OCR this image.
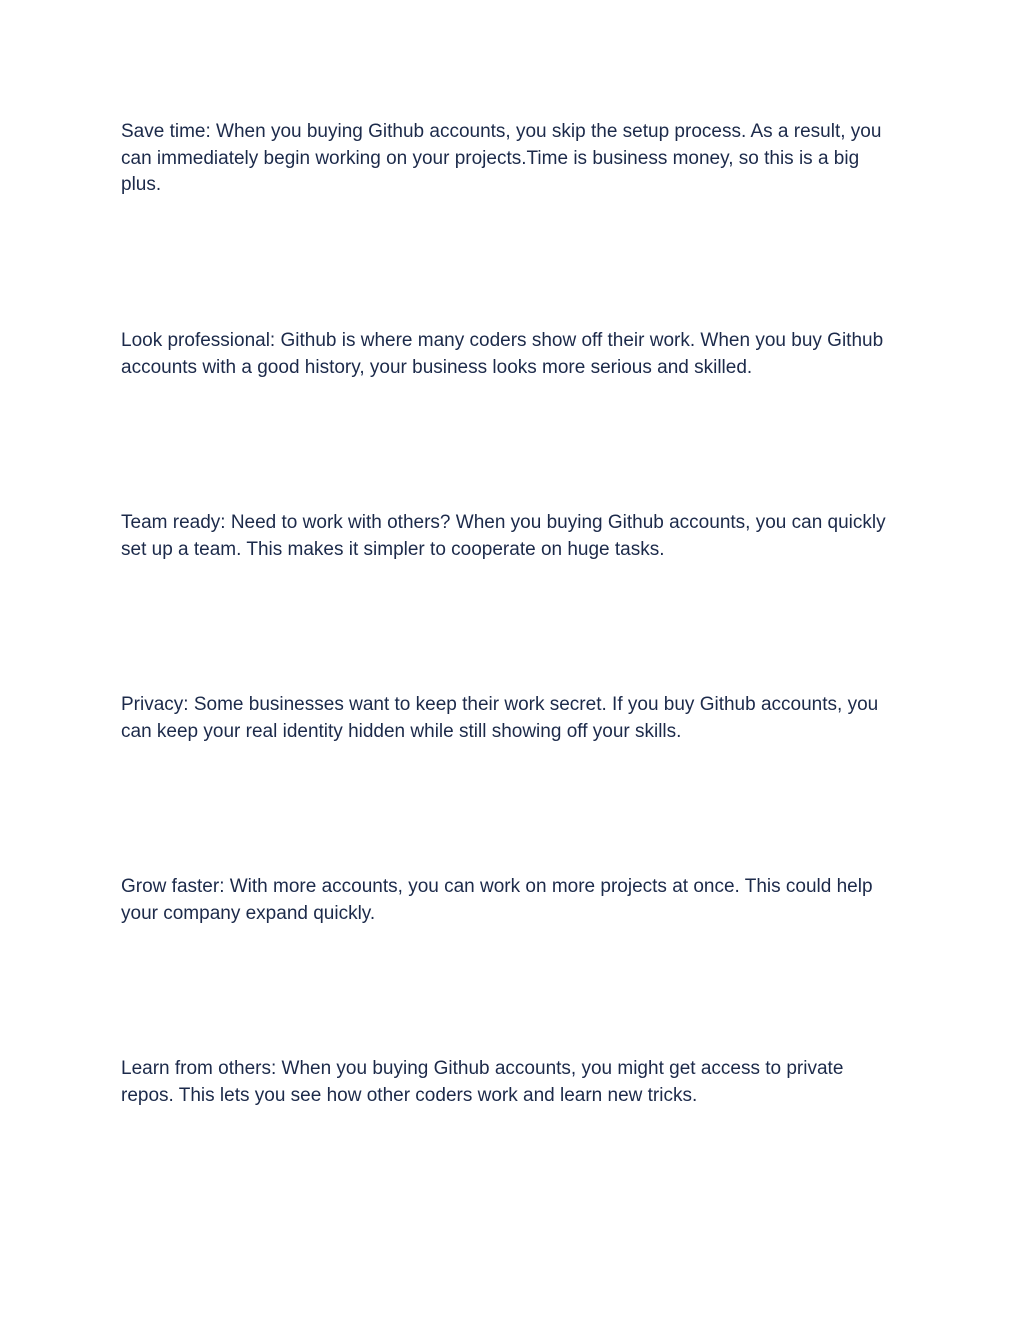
Save time: When you buying Github accounts, you skip the setup process. As a result, you can immediately begin working on your projects.Time is business money, so this is a big plus.

Look professional: Github is where many coders show off their work. When you buy Github accounts with a good history, your business looks more serious and skilled.

Team ready: Need to work with others? When you buying Github accounts, you can quickly set up a team. This makes it simpler to cooperate on huge tasks.

Privacy: Some businesses want to keep their work secret. If you buy Github accounts, you can keep your real identity hidden while still showing off your skills.

Grow faster: With more accounts, you can work on more projects at once. This could help your company expand quickly.

Learn from others: When you buying Github accounts, you might get access to private repos. This lets you see how other coders work and learn new tricks.
